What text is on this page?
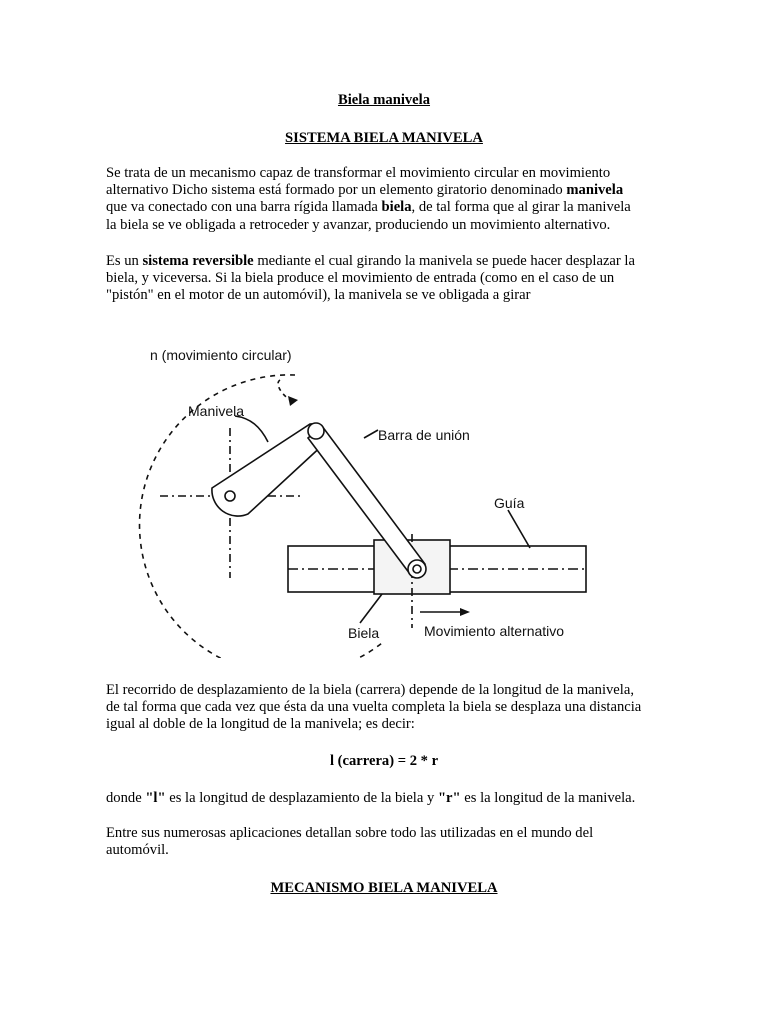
Biela manivela
SISTEMA BIELA MANIVELA

Se trata de un mecanismo capaz de transformar el movimiento circular en movimiento

alternativo Dicho sistema está formado por un elemento giratorio denominado manivela

que va conectado con una barra rígida llamada biela, de tal forma que al girar la manivela

la biela se ve obligada a retroceder y avanzar, produciendo un movimiento alternativo.

Es un sistema reversible mediante el cual girando la manivela se puede hacer desplazar la

biela, y viceversa. Si la biela produce el movimiento de entrada (como en el caso de un

"pistón" en el motor de un automóvil), la manivela se ve obligada a girar

n (movimiento circular)
Manivela
Barra de unión
Guía
Biela	Movimiento alternativo

El recorrido de desplazamiento de la biela (carrera) depende de la longitud de la manivela,

de tal forma que cada vez que ésta da una vuelta completa la biela se desplaza una distancia

igual al doble de la longitud de la manivela; es decir:

l (carrera) = 2 * r

donde "l" es la longitud de desplazamiento de la biela y "r" es la longitud de la manivela.

Entre sus numerosas aplicaciones detallan sobre todo las utilizadas en el mundo del

automóvil.

MECANISMO BIELA MANIVELA
